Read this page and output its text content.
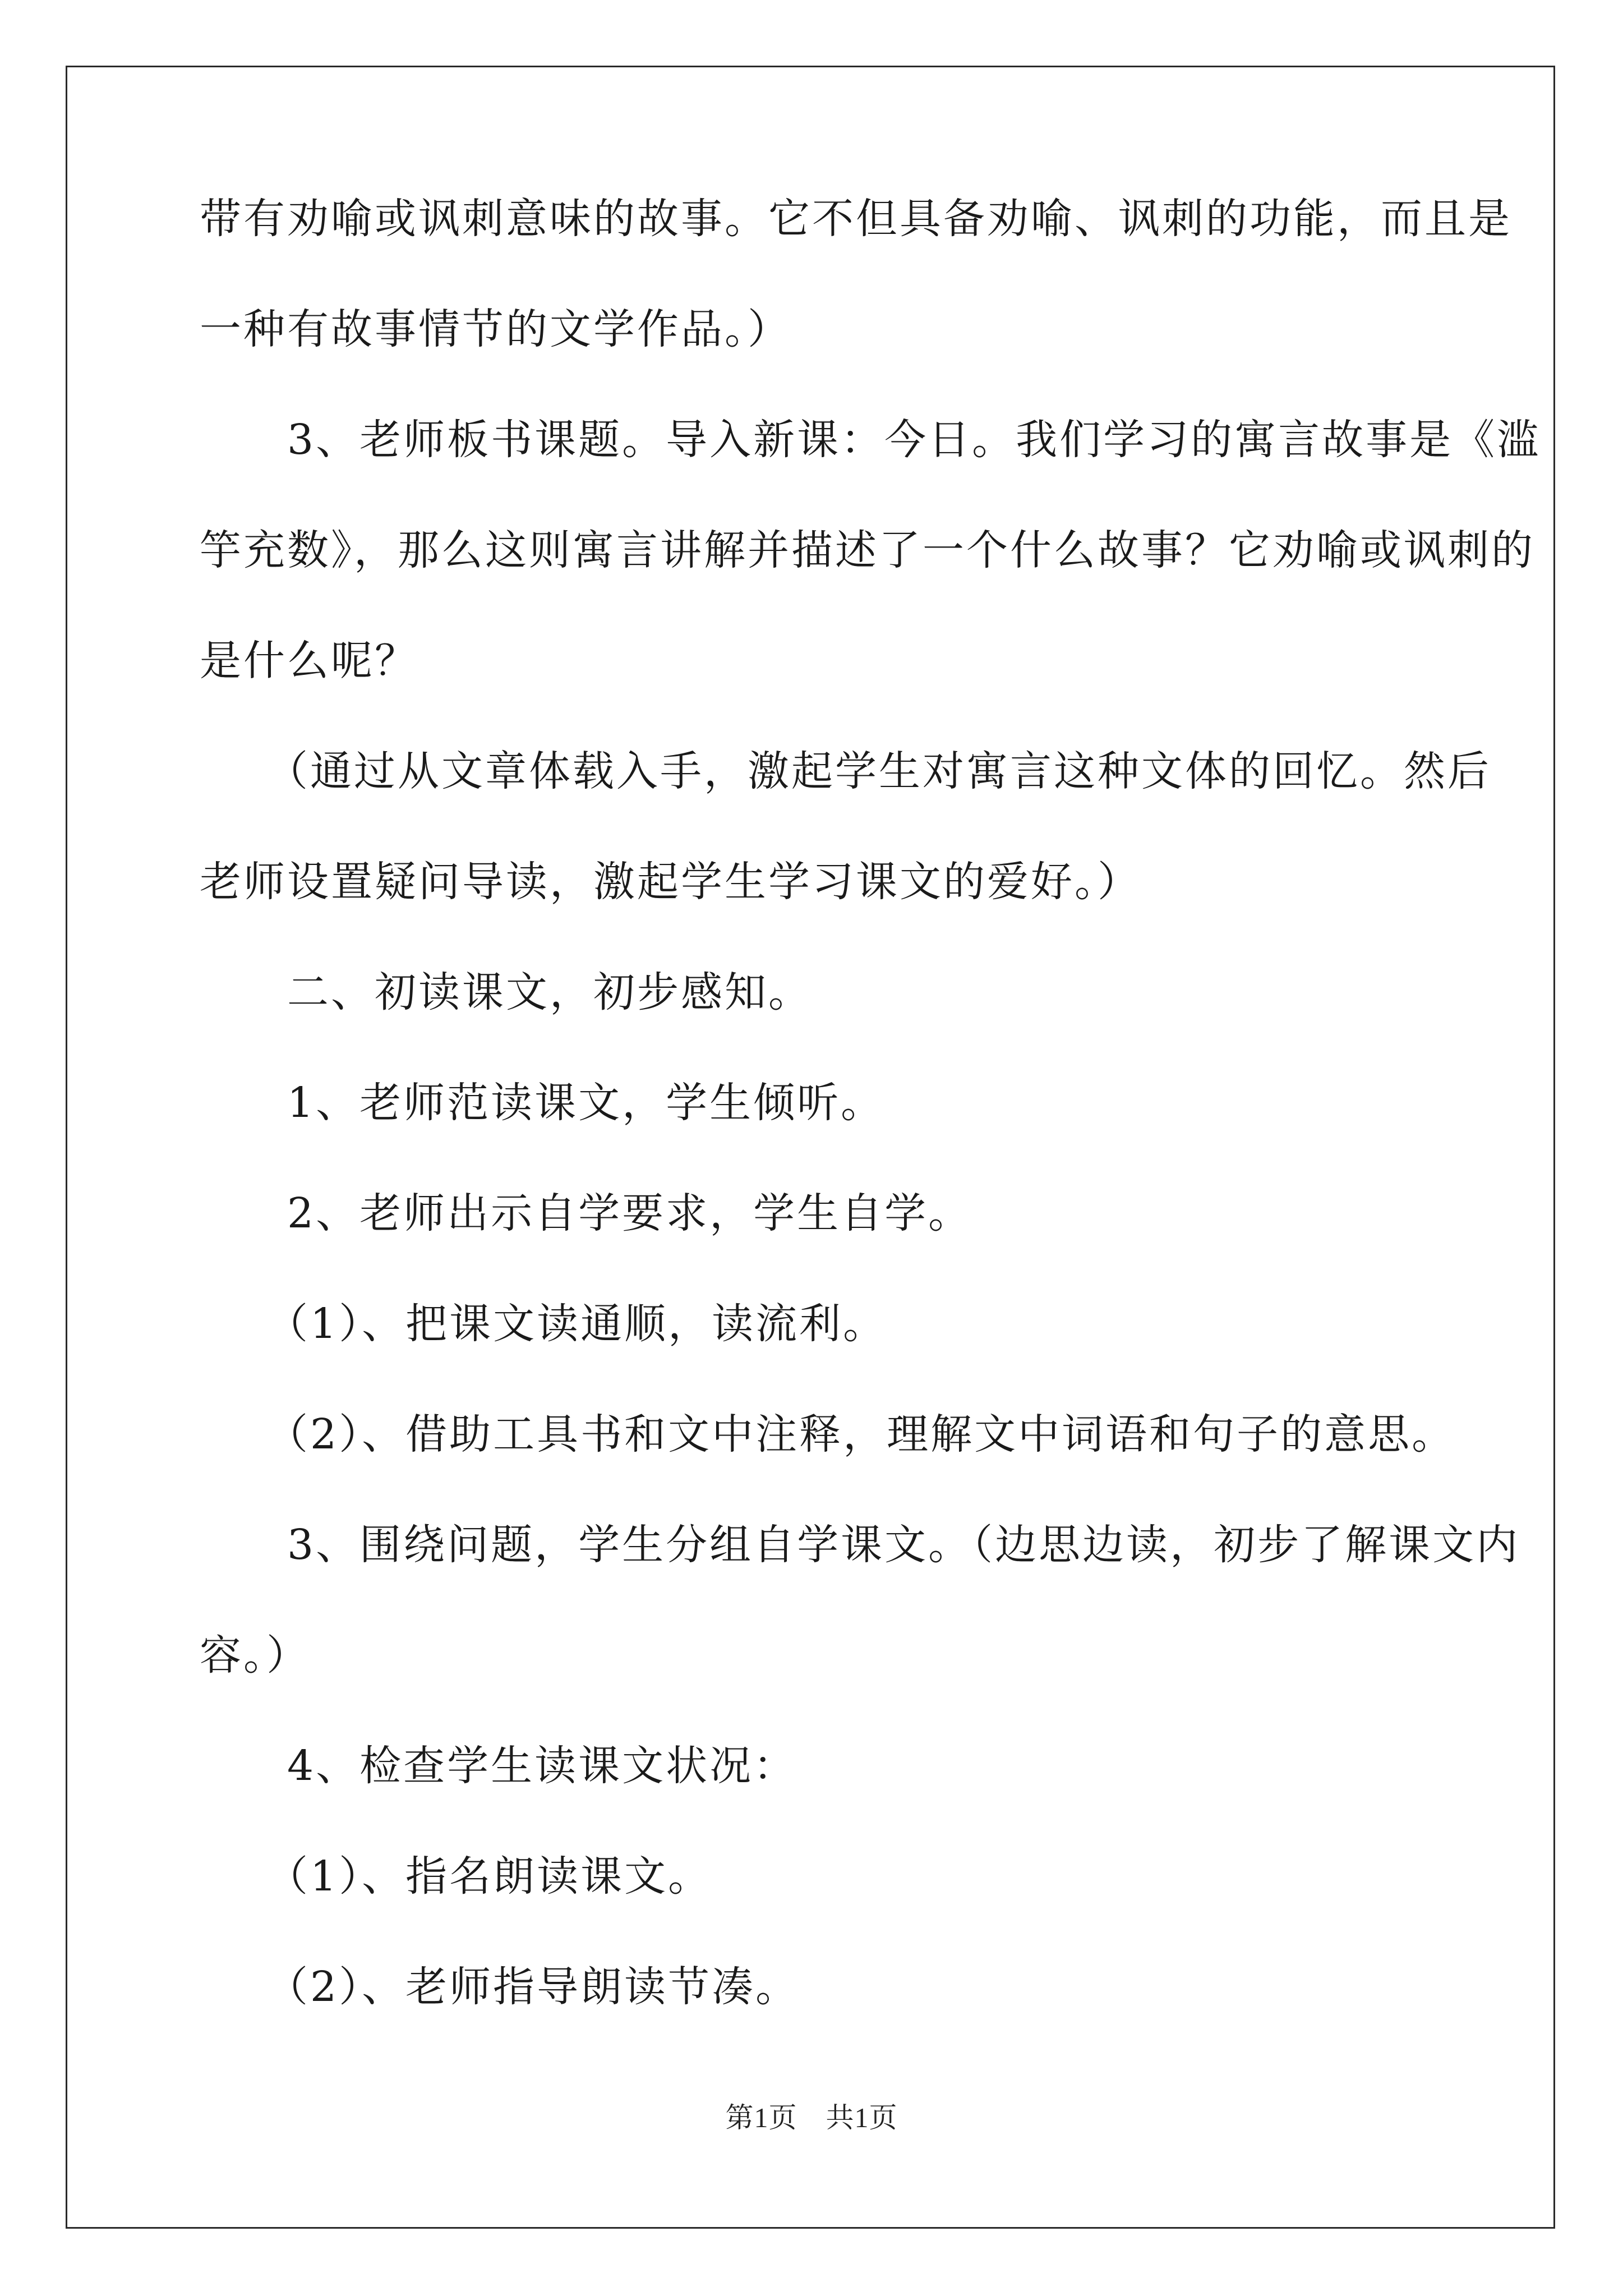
带有劝喻或讽刺意味的故事。它不但具备劝喻、讽刺的功能，而且是
一种有故事情节的文学作品。）
　　3、老师板书课题。导入新课：今日。我们学习的寓言故事是《滥
竽充数》，那么这则寓言讲解并描述了一个什么故事？它劝喻或讽刺的
是什么呢？
　　（通过从文章体载入手，激起学生对寓言这种文体的回忆。然后
老师设置疑问导读，激起学生学习课文的爱好。）
　　二、初读课文，初步感知。
　　1、老师范读课文，学生倾听。
　　2、老师出示自学要求，学生自学。
　　（1）、把课文读通顺，读流利。
　　（2）、借助工具书和文中注释，理解文中词语和句子的意思。
　　3、围绕问题，学生分组自学课文。（边思边读，初步了解课文内
容。）
　　4、检查学生读课文状况：
　　（1）、指名朗读课文。
　　（2）、老师指导朗读节凑。
第1页　共1页
